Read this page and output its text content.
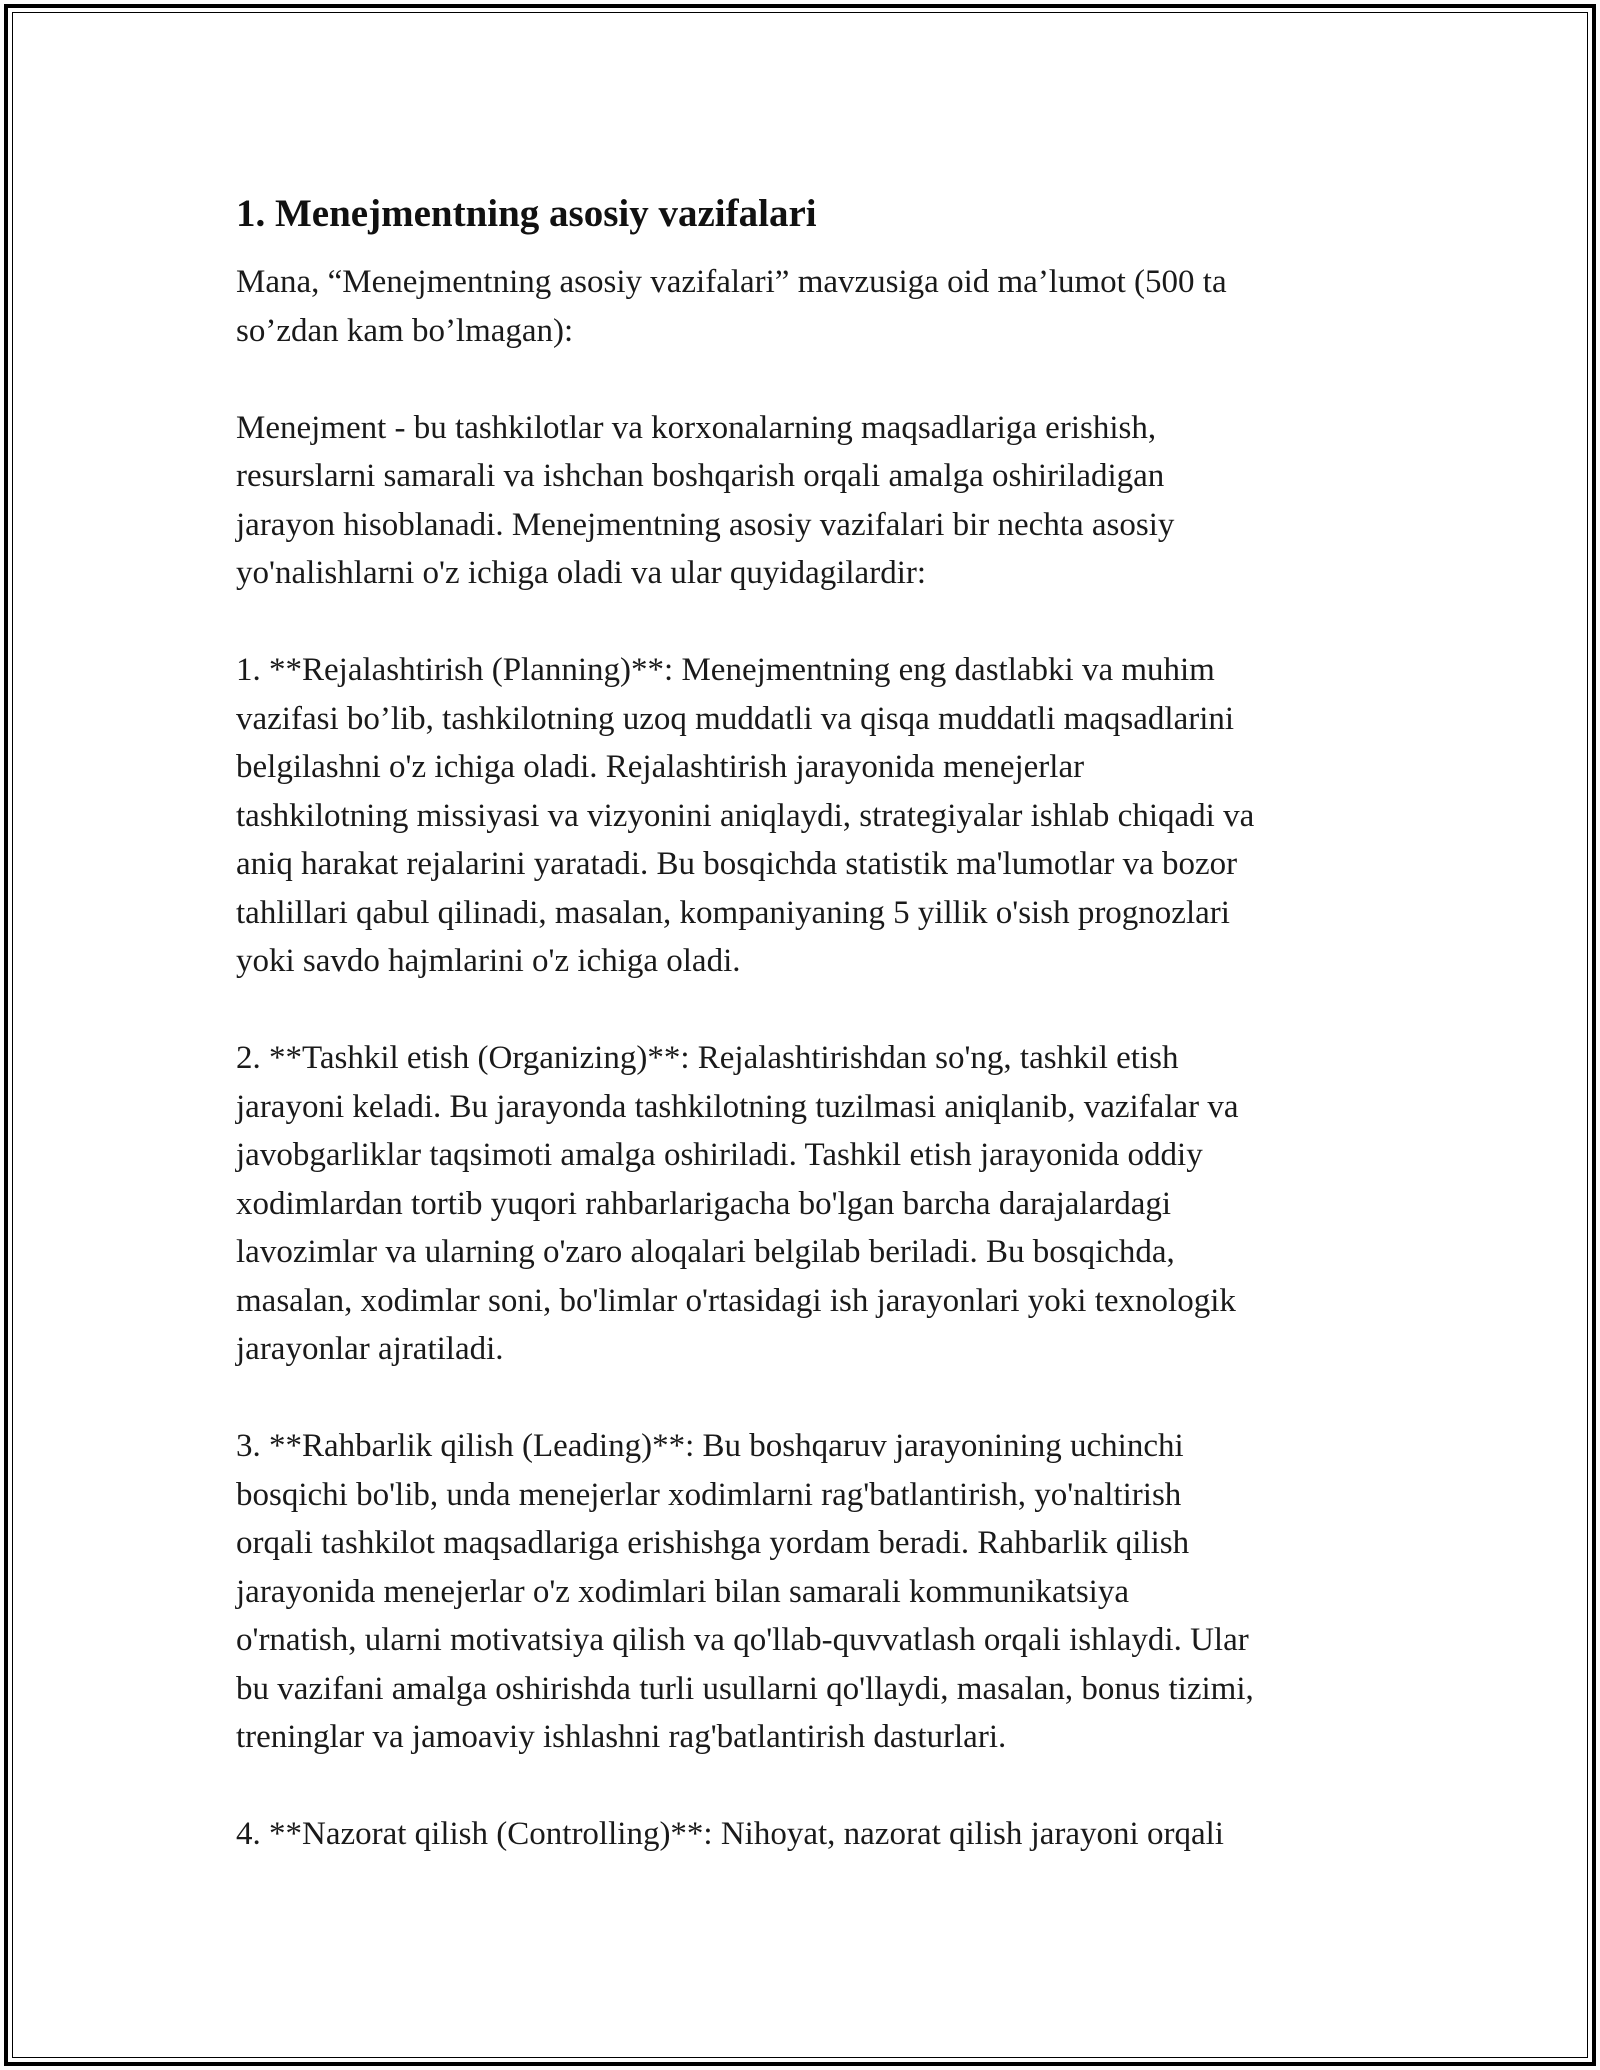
1. Menejmentning asosiy vazifalari

Mana, “Menejmentning asosiy vazifalari” mavzusiga oid ma’lumot (500 ta
so’zdan kam bo’lmagan):

Menejment - bu tashkilotlar va korxonalarning maqsadlariga erishish,
resurslarni samarali va ishchan boshqarish orqali amalga oshiriladigan
jarayon hisoblanadi. Menejmentning asosiy vazifalari bir nechta asosiy
yo'nalishlarni o'z ichiga oladi va ular quyidagilardir:

1. **Rejalashtirish (Planning)**: Menejmentning eng dastlabki va muhim
vazifasi bo’lib, tashkilotning uzoq muddatli va qisqa muddatli maqsadlarini
belgilashni o'z ichiga oladi. Rejalashtirish jarayonida menejerlar
tashkilotning missiyasi va vizyonini aniqlaydi, strategiyalar ishlab chiqadi va
aniq harakat rejalarini yaratadi. Bu bosqichda statistik ma'lumotlar va bozor
tahlillari qabul qilinadi, masalan, kompaniyaning 5 yillik o'sish prognozlari
yoki savdo hajmlarini o'z ichiga oladi.

2. **Tashkil etish (Organizing)**: Rejalashtirishdan so'ng, tashkil etish
jarayoni keladi. Bu jarayonda tashkilotning tuzilmasi aniqlanib, vazifalar va
javobgarliklar taqsimoti amalga oshiriladi. Tashkil etish jarayonida oddiy
xodimlardan tortib yuqori rahbarlarigacha bo'lgan barcha darajalardagi
lavozimlar va ularning o'zaro aloqalari belgilab beriladi. Bu bosqichda,
masalan, xodimlar soni, bo'limlar o'rtasidagi ish jarayonlari yoki texnologik
jarayonlar ajratiladi.

3. **Rahbarlik qilish (Leading)**: Bu boshqaruv jarayonining uchinchi
bosqichi bo'lib, unda menejerlar xodimlarni rag'batlantirish, yo'naltirish
orqali tashkilot maqsadlariga erishishga yordam beradi. Rahbarlik qilish
jarayonida menejerlar o'z xodimlari bilan samarali kommunikatsiya
o'rnatish, ularni motivatsiya qilish va qo'llab-quvvatlash orqali ishlaydi. Ular
bu vazifani amalga oshirishda turli usullarni qo'llaydi, masalan, bonus tizimi,
treninglar va jamoaviy ishlashni rag'batlantirish dasturlari.

4. **Nazorat qilish (Controlling)**: Nihoyat, nazorat qilish jarayoni orqali
